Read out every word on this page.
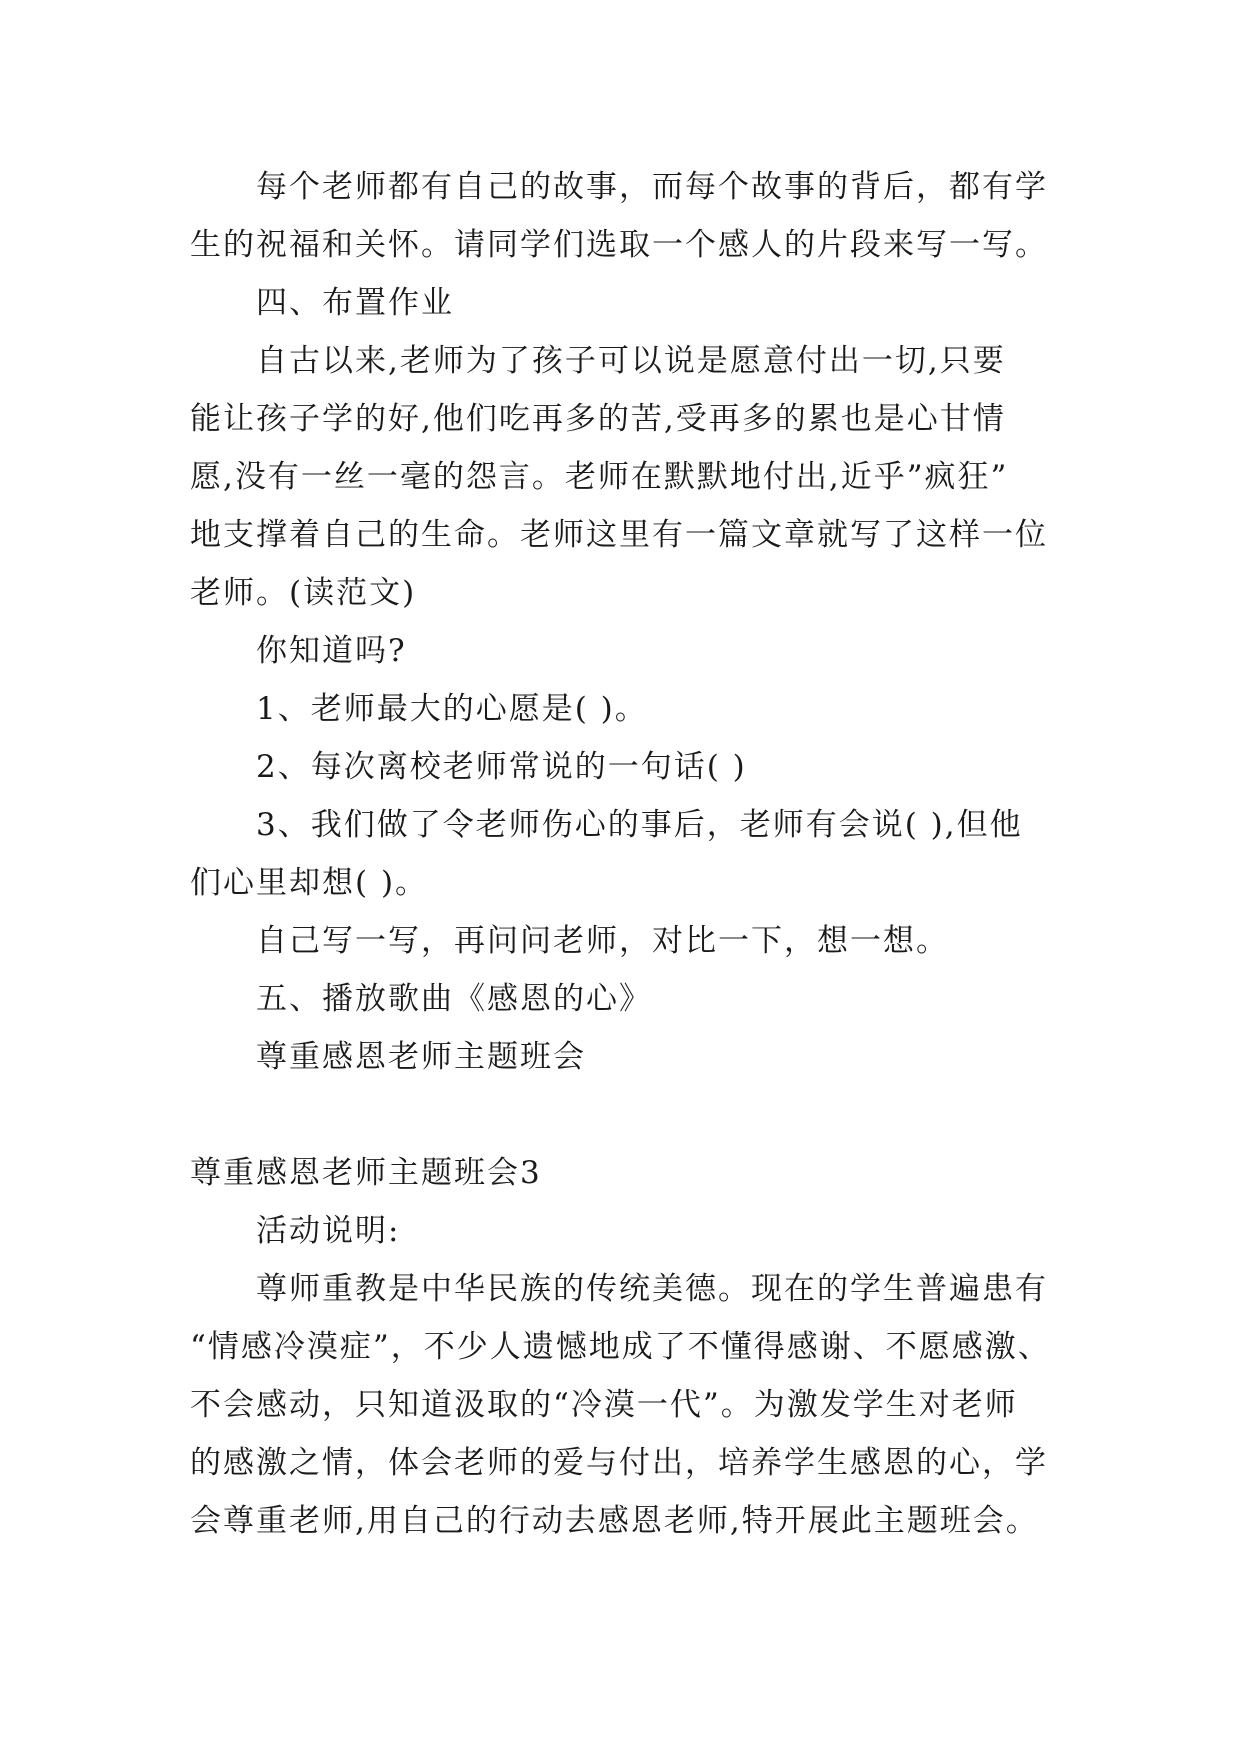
每个老师都有自己的故事，而每个故事的背后，都有学
生的祝福和关怀。请同学们选取一个感人的片段来写一写。
四、布置作业
自古以来,老师为了孩子可以说是愿意付出一切,只要
能让孩子学的好,他们吃再多的苦,受再多的累也是心甘情
愿,没有一丝一毫的怨言。老师在默默地付出,近乎”疯狂”
地支撑着自己的生命。老师这里有一篇文章就写了这样一位
老师。(读范文)
你知道吗?
1、老师最大的心愿是( )。
2、每次离校老师常说的一句话( )
3、我们做了令老师伤心的事后，老师有会说( ),但他
们心里却想( )。
自己写一写，再问问老师，对比一下，想一想。
五、播放歌曲《感恩的心》
尊重感恩老师主题班会
尊重感恩老师主题班会3
活动说明:
尊师重教是中华民族的传统美德。现在的学生普遍患有
“情感冷漠症”，不少人遗憾地成了不懂得感谢、不愿感激、
不会感动，只知道汲取的“冷漠一代”。为激发学生对老师
的感激之情，体会老师的爱与付出，培养学生感恩的心，学
会尊重老师,用自己的行动去感恩老师,特开展此主题班会。
